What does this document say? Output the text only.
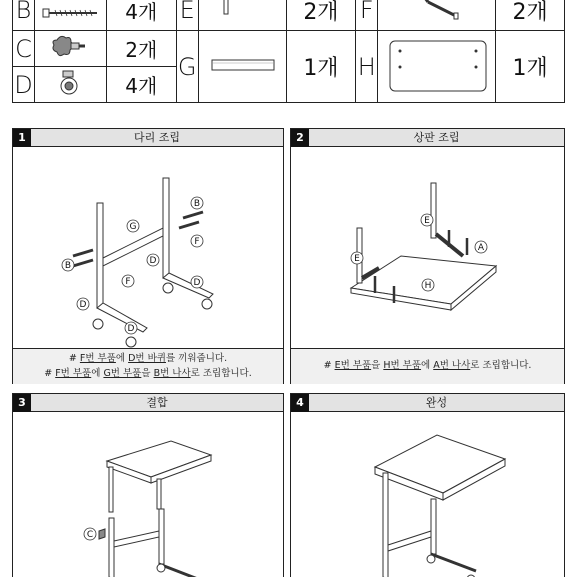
B		4개	E		2개	F		2개
C		2개	G		1개	H		1개
D		4개						
1	다리 조립
B
G
B
F
D
F	D
D
D
# F번 부품에 D번 바퀴를 끼워줍니다.
# F번 부품에 G번 부품을 B번 나사로 조립합니다.
2	상판 조립
E
A
E
H
# E번 부품을 H번 부품에 A번 나사로 조립합니다.
3	결합
C
4	완성
